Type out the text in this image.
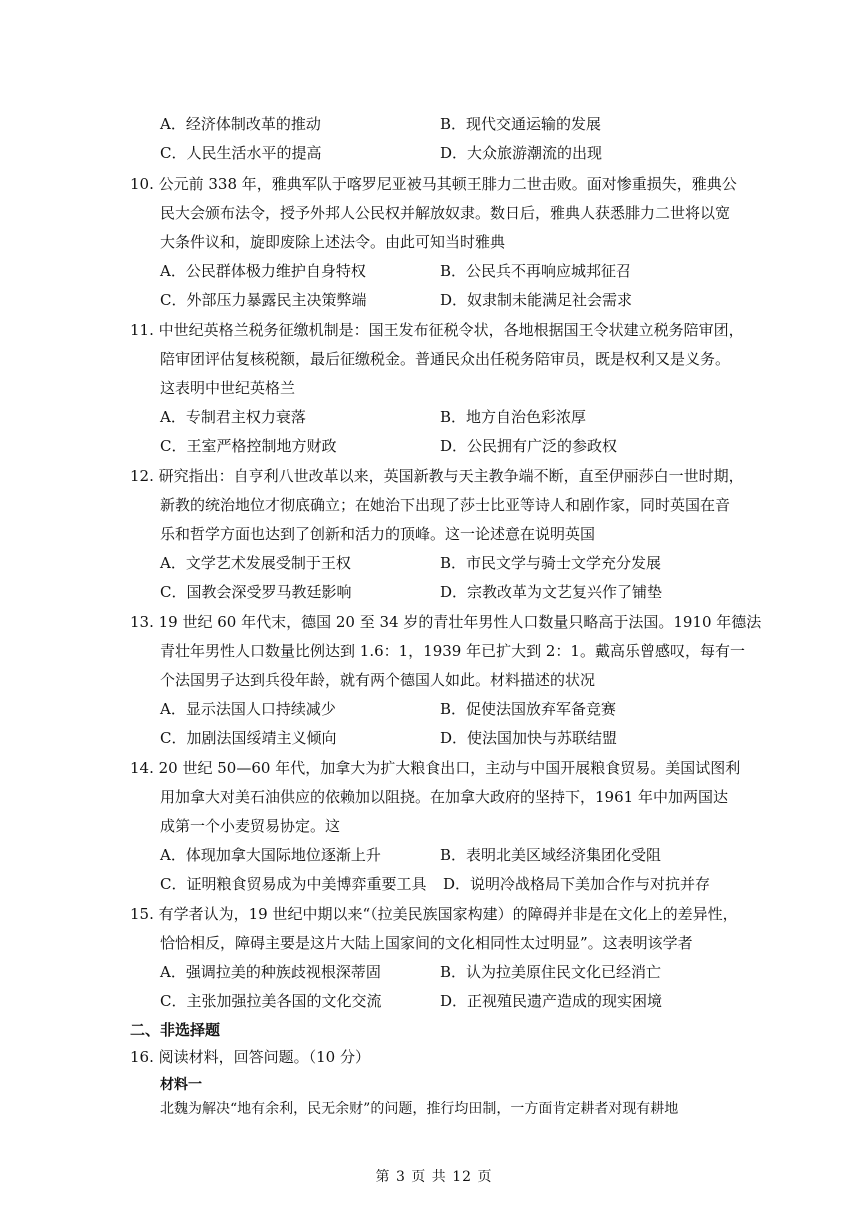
A．经济体制改革的推动	B．现代交通运输的发展
C．人民生活水平的提高	D．大众旅游潮流的出现
10. 公元前 338 年，雅典军队于喀罗尼亚被马其顿王腓力二世击败。面对惨重损失，雅典公
民大会颁布法令，授予外邦人公民权并解放奴隶。数日后，雅典人获悉腓力二世将以宽
大条件议和，旋即废除上述法令。由此可知当时雅典
A．公民群体极力维护自身特权	B．公民兵不再响应城邦征召
C．外部压力暴露民主决策弊端	D．奴隶制未能满足社会需求
11. 中世纪英格兰税务征缴机制是：国王发布征税令状，各地根据国王令状建立税务陪审团，
陪审团评估复核税额，最后征缴税金。普通民众出任税务陪审员，既是权利又是义务。
这表明中世纪英格兰
A．专制君主权力衰落	B．地方自治色彩浓厚
C．王室严格控制地方财政	D．公民拥有广泛的参政权
12. 研究指出：自亨利八世改革以来，英国新教与天主教争端不断，直至伊丽莎白一世时期，
新教的统治地位才彻底确立；在她治下出现了莎士比亚等诗人和剧作家，同时英国在音
乐和哲学方面也达到了创新和活力的顶峰。这一论述意在说明英国
A．文学艺术发展受制于王权	B．市民文学与骑士文学充分发展
C．国教会深受罗马教廷影响	D．宗教改革为文艺复兴作了铺垫
13. 19 世纪 60 年代末，德国 20 至 34 岁的青壮年男性人口数量只略高于法国。1910 年德法
青壮年男性人口数量比例达到 1.6：1，1939 年已扩大到 2：1。戴高乐曾感叹，每有一
个法国男子达到兵役年龄，就有两个德国人如此。材料描述的状况
A．显示法国人口持续减少	B．促使法国放弃军备竞赛
C．加剧法国绥靖主义倾向	D．使法国加快与苏联结盟
14. 20 世纪 50—60 年代，加拿大为扩大粮食出口，主动与中国开展粮食贸易。美国试图利
用加拿大对美石油供应的依赖加以阻挠。在加拿大政府的坚持下，1961 年中加两国达
成第一个小麦贸易协定。这
A．体现加拿大国际地位逐渐上升	B．表明北美区域经济集团化受阻
C．证明粮食贸易成为中美博弈重要工具 D．说明冷战格局下美加合作与对抗并存
15. 有学者认为，19 世纪中期以来“（拉美民族国家构建）的障碍并非是在文化上的差异性，
恰恰相反，障碍主要是这片大陆上国家间的文化相同性太过明显”。这表明该学者
A．强调拉美的种族歧视根深蒂固	B．认为拉美原住民文化已经消亡
C．主张加强拉美各国的文化交流	D．正视殖民遗产造成的现实困境
二、非选择题
16. 阅读材料，回答问题。（10 分）
材料一
北魏为解决“地有余利，民无余财”的问题，推行均田制，一方面肯定耕者对现有耕地
第 3 页 共 12 页
